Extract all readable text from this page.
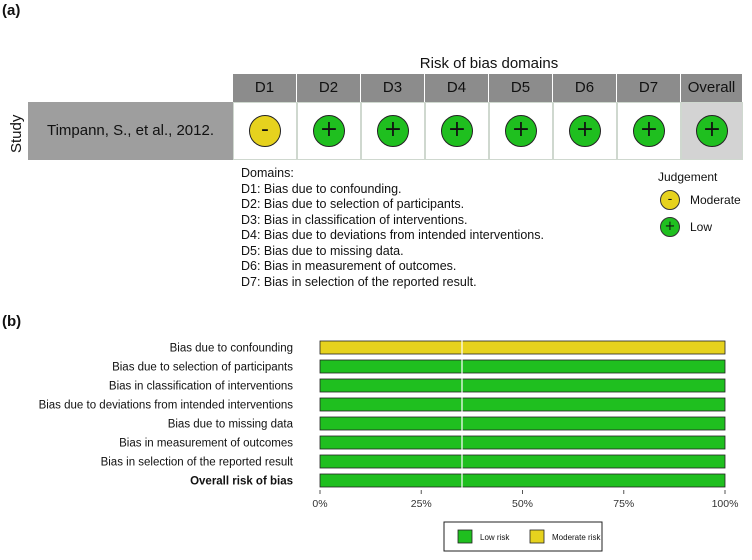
(a)
Risk of bias domains
Study	Timpann, S., et al., 2012.
D1	D2	D3	D4	D5	D6	D7	Overall
-	+	+	+	+	+	+	+
Domains:
D1: Bias due to confounding.
D2: Bias due to selection of participants.
D3: Bias in classification of interventions.
D4: Bias due to deviations from intended interventions.
D5: Bias due to missing data.
D6: Bias in measurement of outcomes.
D7: Bias in selection of the reported result.
Judgement
-	Moderate
+	Low
(b)
Bias due to confounding
Bias due to selection of participants
Bias in classification of interventions
Bias due to deviations from intended interventions
Bias due to missing data
Bias in measurement of outcomes
Bias in selection of the reported result
Overall risk of bias
0%	25%	50%	75%	100%
Low risk	Moderate risk
